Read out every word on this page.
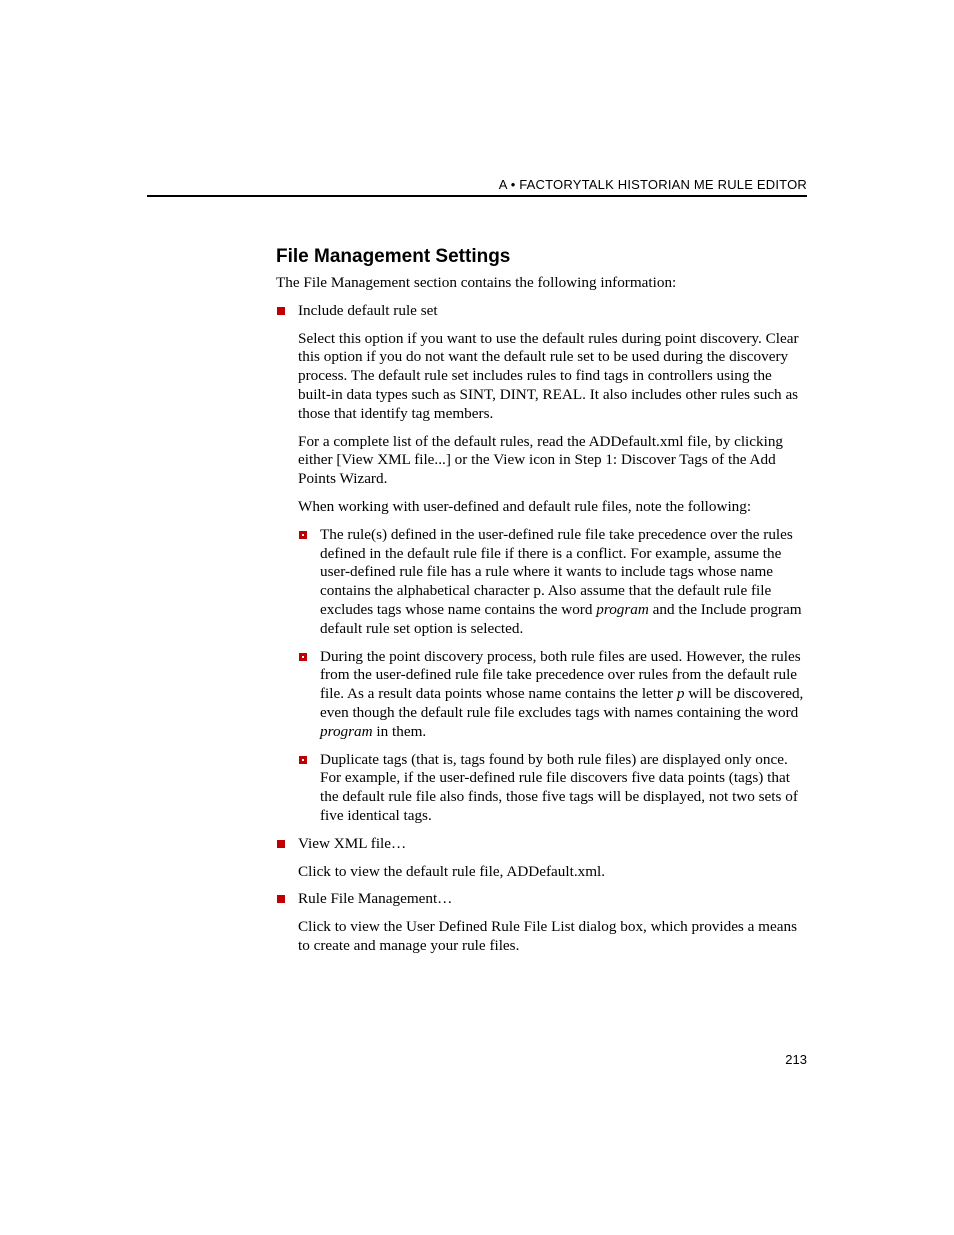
A • FACTORYTALK HISTORIAN ME RULE EDITOR
File Management Settings

The File Management section contains the following information:

Include default rule set

Select this option if you want to use the default rules during point discovery. Clear this option if you do not want the default rule set to be used during the discovery process. The default rule set includes rules to find tags in controllers using the built-in data types such as SINT, DINT, REAL. It also includes other rules such as those that identify tag members.

For a complete list of the default rules, read the ADDefault.xml file, by clicking either [View XML file...] or the View icon in Step 1: Discover Tags of the Add Points Wizard.

When working with user-defined and default rule files, note the following:

The rule(s) defined in the user-defined rule file take precedence over the rules defined in the default rule file if there is a conflict. For example, assume the user-defined rule file has a rule where it wants to include tags whose name contains the alphabetical character p. Also assume that the default rule file excludes tags whose name contains the word program and the Include program default rule set option is selected.
During the point discovery process, both rule files are used. However, the rules from the user-defined rule file take precedence over rules from the default rule file. As a result data points whose name contains the letter p will be discovered, even though the default rule file excludes tags with names containing the word program in them.
Duplicate tags (that is, tags found by both rule files) are displayed only once. For example, if the user-defined rule file discovers five data points (tags) that the default rule file also finds, those five tags will be displayed, not two sets of five identical tags.
View XML file…

Click to view the default rule file, ADDefault.xml.

Rule File Management…

Click to view the User Defined Rule File List dialog box, which provides a means to create and manage your rule files.

213
